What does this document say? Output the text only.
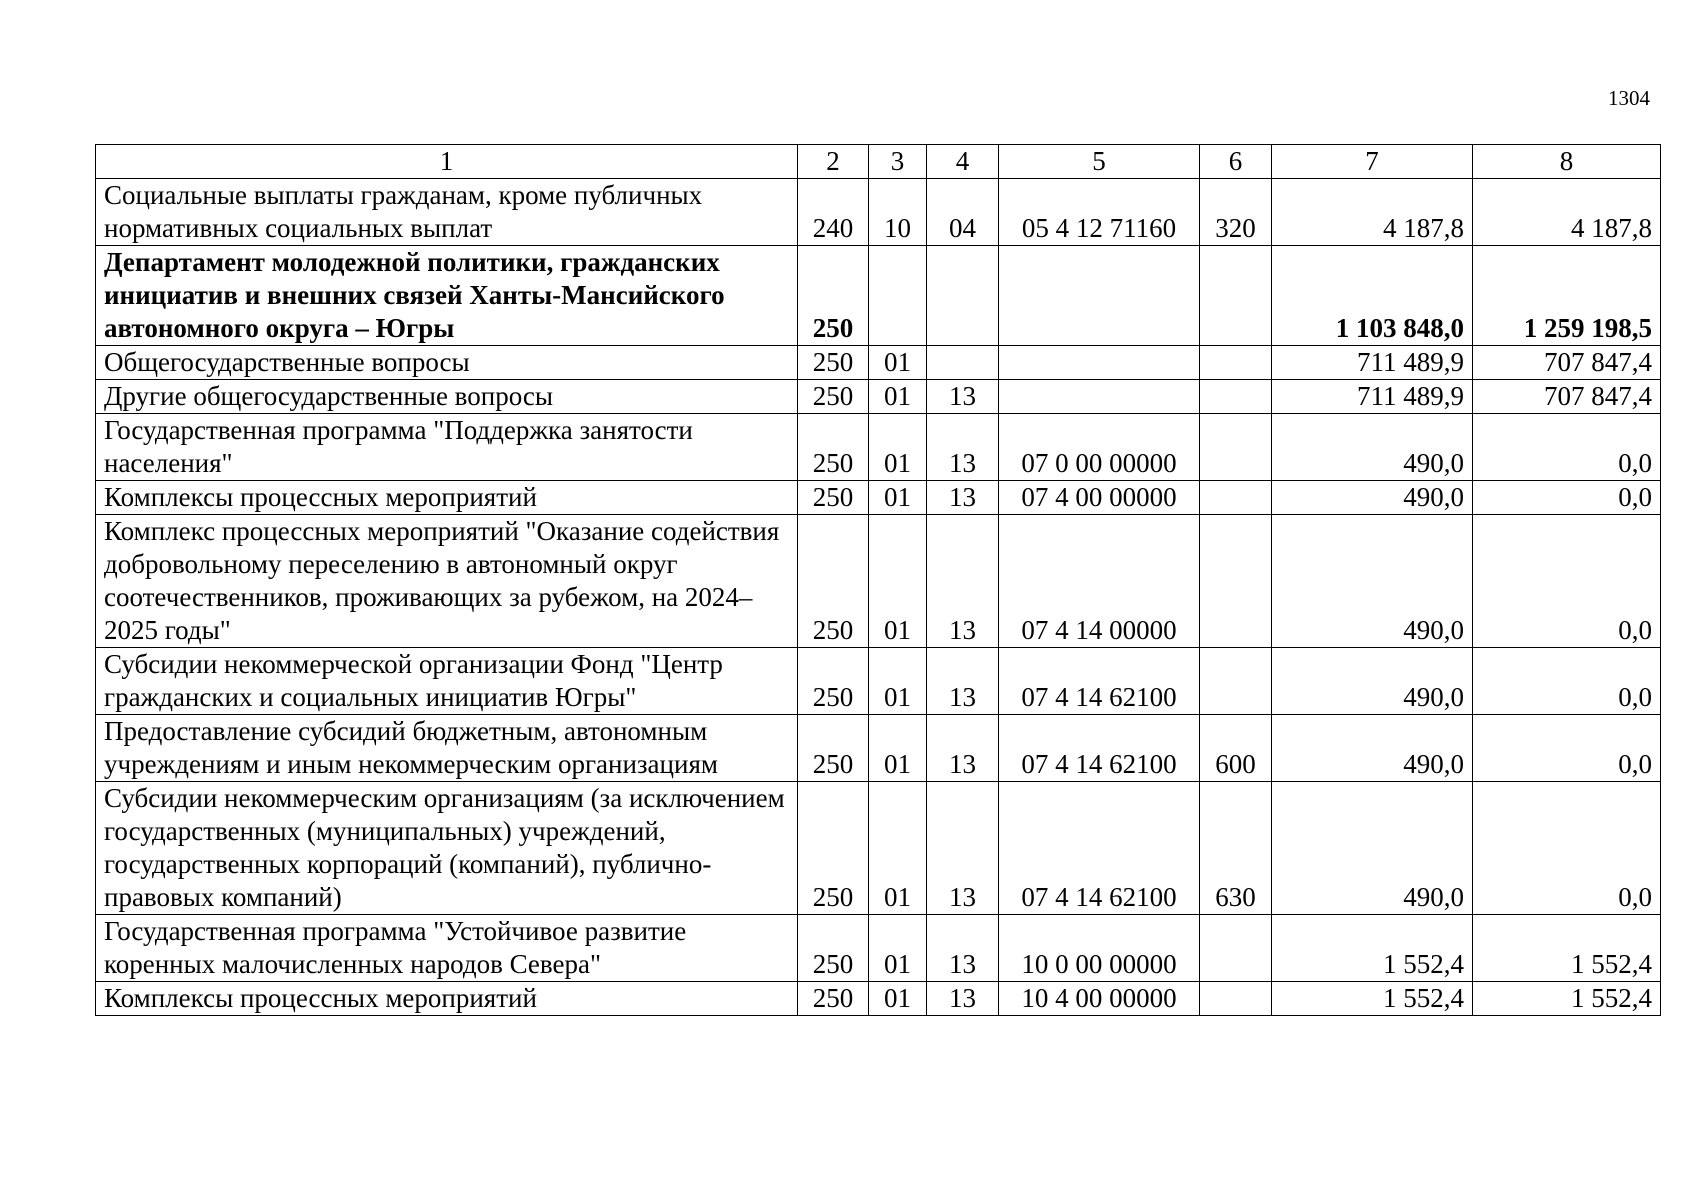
1304
1	2	3	4	5	6	7	8
Социальные выплаты гражданам, кроме публичных нормативных социальных выплат	240	10	04	05 4 12 71160	320	4 187,8	4 187,8
Департамент молодежной политики, гражданских инициатив и внешних связей Ханты-Мансийского автономного округа – Югры	250					1 103 848,0	1 259 198,5
Общегосударственные вопросы	250	01				711 489,9	707 847,4
Другие общегосударственные вопросы	250	01	13			711 489,9	707 847,4
Государственная программа "Поддержка занятости населения"	250	01	13	07 0 00 00000		490,0	0,0
Комплексы процессных мероприятий	250	01	13	07 4 00 00000		490,0	0,0
Комплекс процессных мероприятий "Оказание содействия добровольному переселению в автономный округ соотечественников, проживающих за рубежом, на 2024–2025 годы"	250	01	13	07 4 14 00000		490,0	0,0
Субсидии некоммерческой организации Фонд "Центр гражданских и социальных инициатив Югры"	250	01	13	07 4 14 62100		490,0	0,0
Предоставление субсидий бюджетным, автономным учреждениям и иным некоммерческим организациям	250	01	13	07 4 14 62100	600	490,0	0,0
Субсидии некоммерческим организациям (за исключением государственных (муниципальных) учреждений, государственных корпораций (компаний), публично-правовых компаний)	250	01	13	07 4 14 62100	630	490,0	0,0
Государственная программа "Устойчивое развитие коренных малочисленных народов Севера"	250	01	13	10 0 00 00000		1 552,4	1 552,4
Комплексы процессных мероприятий	250	01	13	10 4 00 00000		1 552,4	1 552,4
